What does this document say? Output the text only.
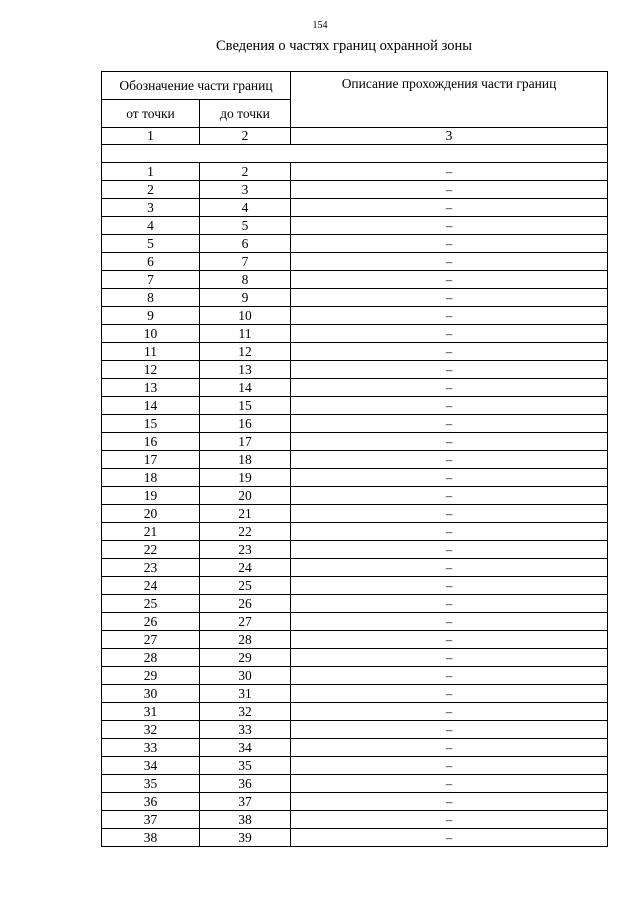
154
Сведения о частях границ охранной зоны
Обозначение части границ		Описание прохождения части границ
от точки	до точки	
1	2	3

1	2	–
2	3	–
3	4	–
4	5	–
5	6	–
6	7	–
7	8	–
8	9	–
9	10	–
10	11	–
11	12	–
12	13	–
13	14	–
14	15	–
15	16	–
16	17	–
17	18	–
18	19	–
19	20	–
20	21	–
21	22	–
22	23	–
23	24	–
24	25	–
25	26	–
26	27	–
27	28	–
28	29	–
29	30	–
30	31	–
31	32	–
32	33	–
33	34	–
34	35	–
35	36	–
36	37	–
37	38	–
38	39	–
